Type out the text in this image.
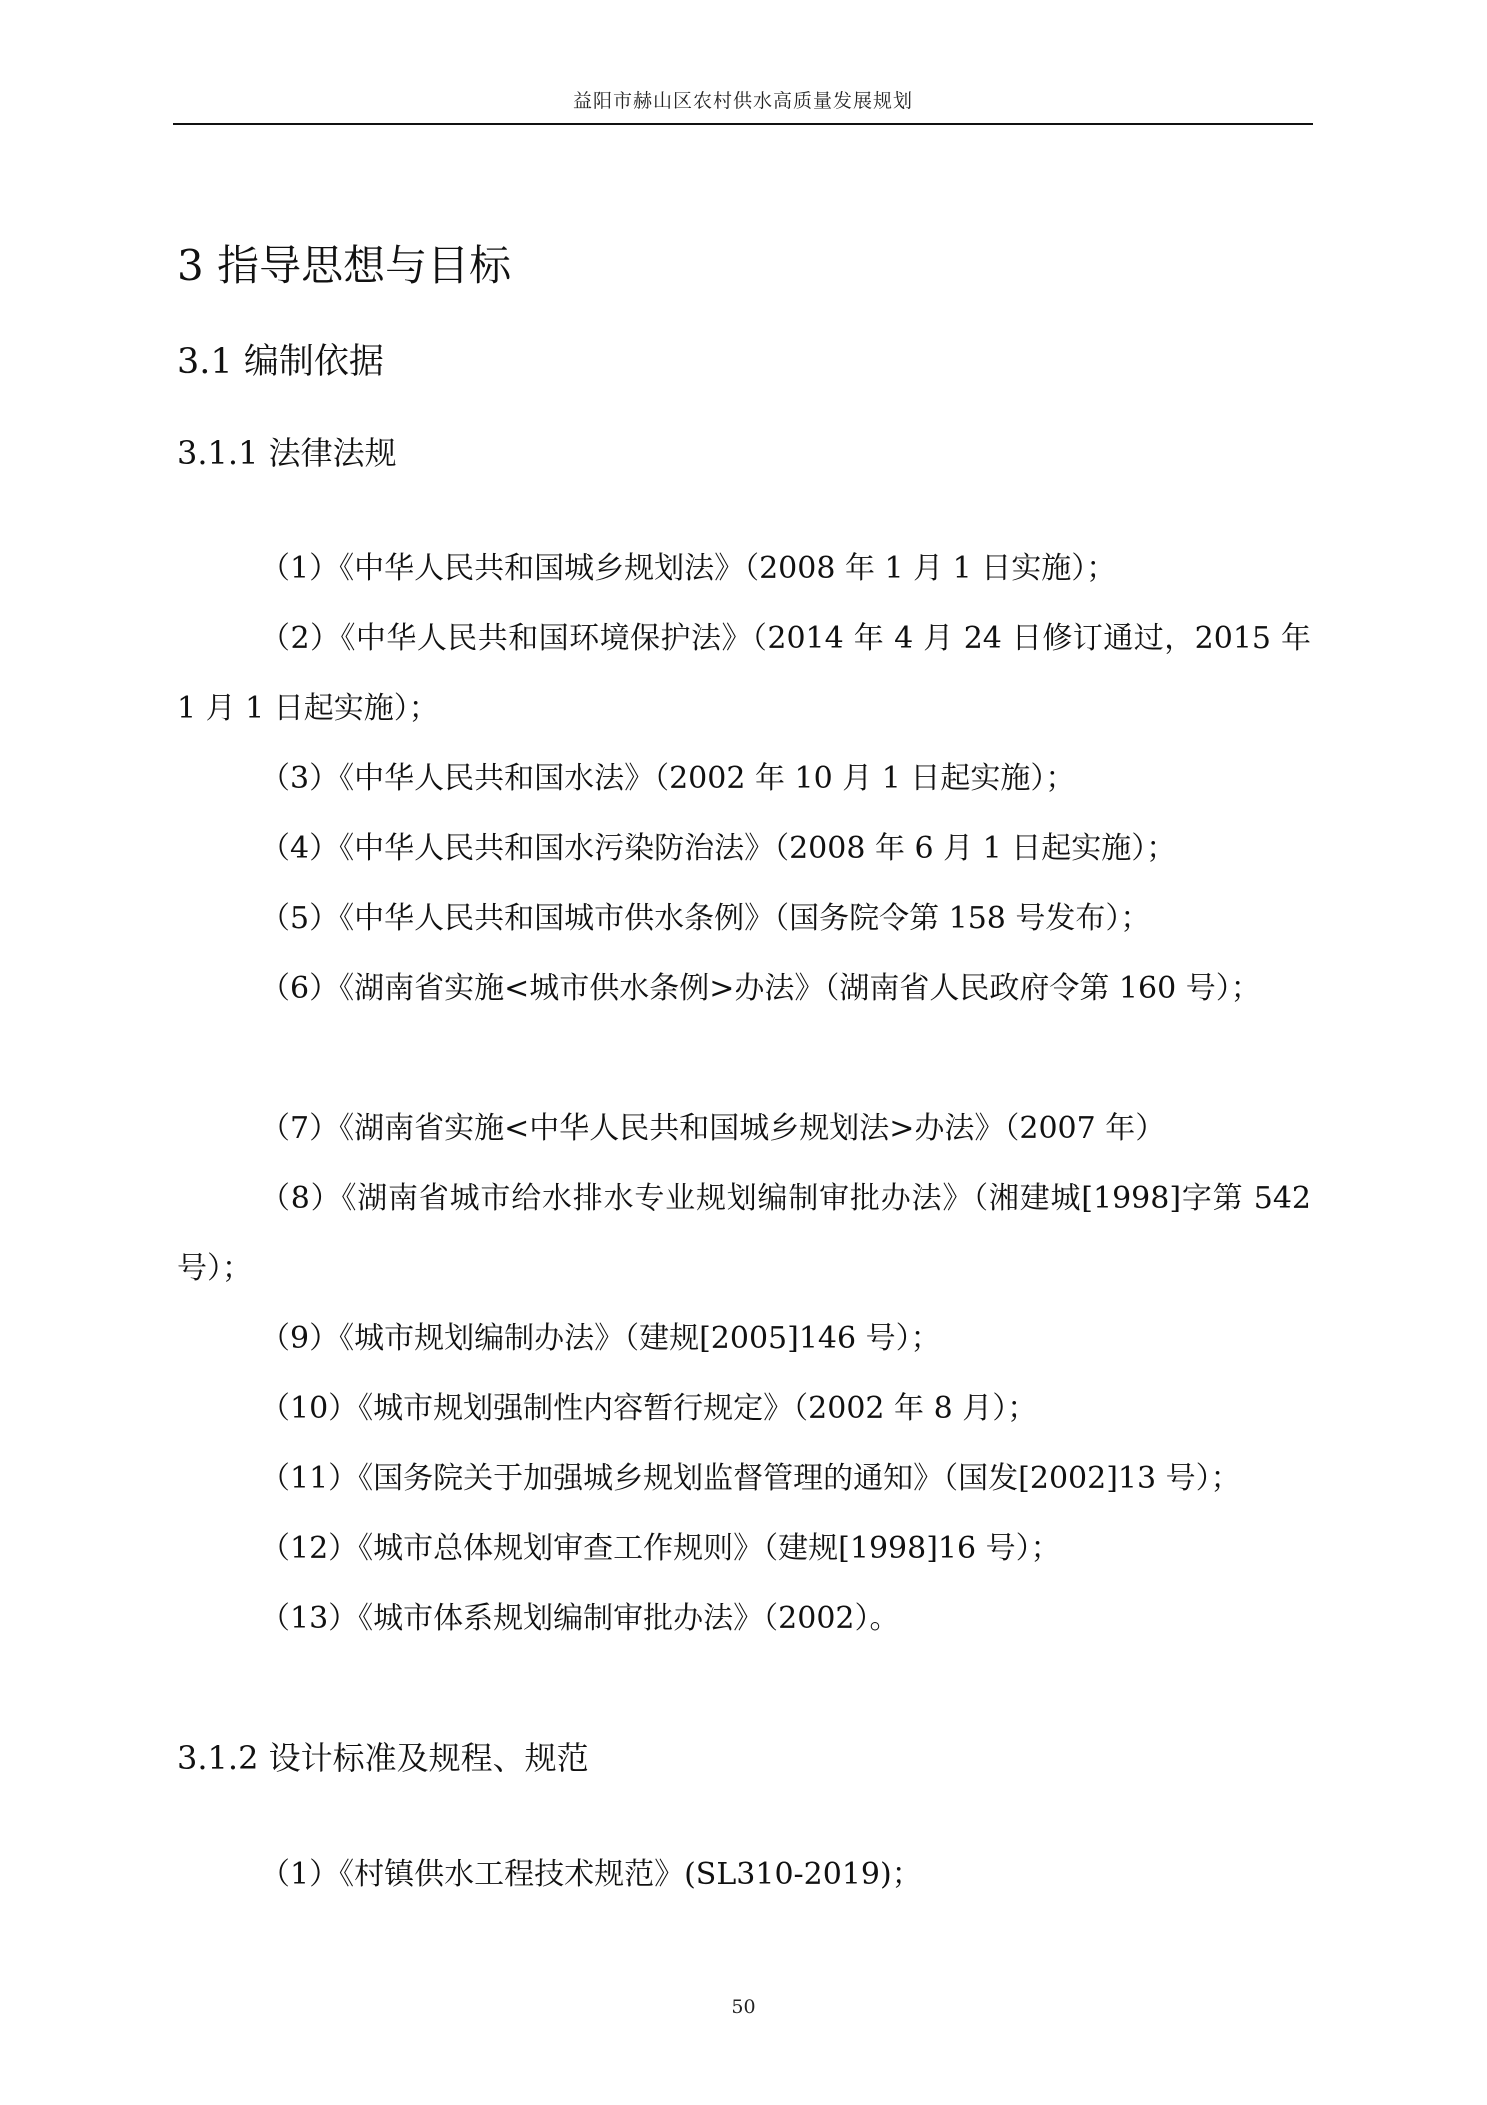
益阳市赫山区农村供水高质量发展规划
3 指导思想与目标
3.1 编制依据
3.1.1 法律法规

（1）《中华人民共和国城乡规划法》（2008 年 1 月 1 日实施）；

（2）《中华人民共和国环境保护法》（2014 年 4 月 24 日修订通过，2015 年 1 月 1 日起实施）；

（3）《中华人民共和国水法》（2002 年 10 月 1 日起实施）；

（4）《中华人民共和国水污染防治法》（2008 年 6 月 1 日起实施）；

（5）《中华人民共和国城市供水条例》（国务院令第 158 号发布）；

（6）《湖南省实施<城市供水条例>办法》（湖南省人民政府令第 160 号）；

（7）《湖南省实施<中华人民共和国城乡规划法>办法》（2007 年）

（8）《湖南省城市给水排水专业规划编制审批办法》（湘建城[1998]字第 542 号）；

（9）《城市规划编制办法》（建规[2005]146 号）；

（10）《城市规划强制性内容暂行规定》（2002 年 8 月）；

（11）《国务院关于加强城乡规划监督管理的通知》（国发[2002]13 号）；

（12）《城市总体规划审查工作规则》（建规[1998]16 号）；

（13）《城市体系规划编制审批办法》（2002）。

3.1.2 设计标准及规程、规范

（1）《村镇供水工程技术规范》(SL310-2019)；

50
